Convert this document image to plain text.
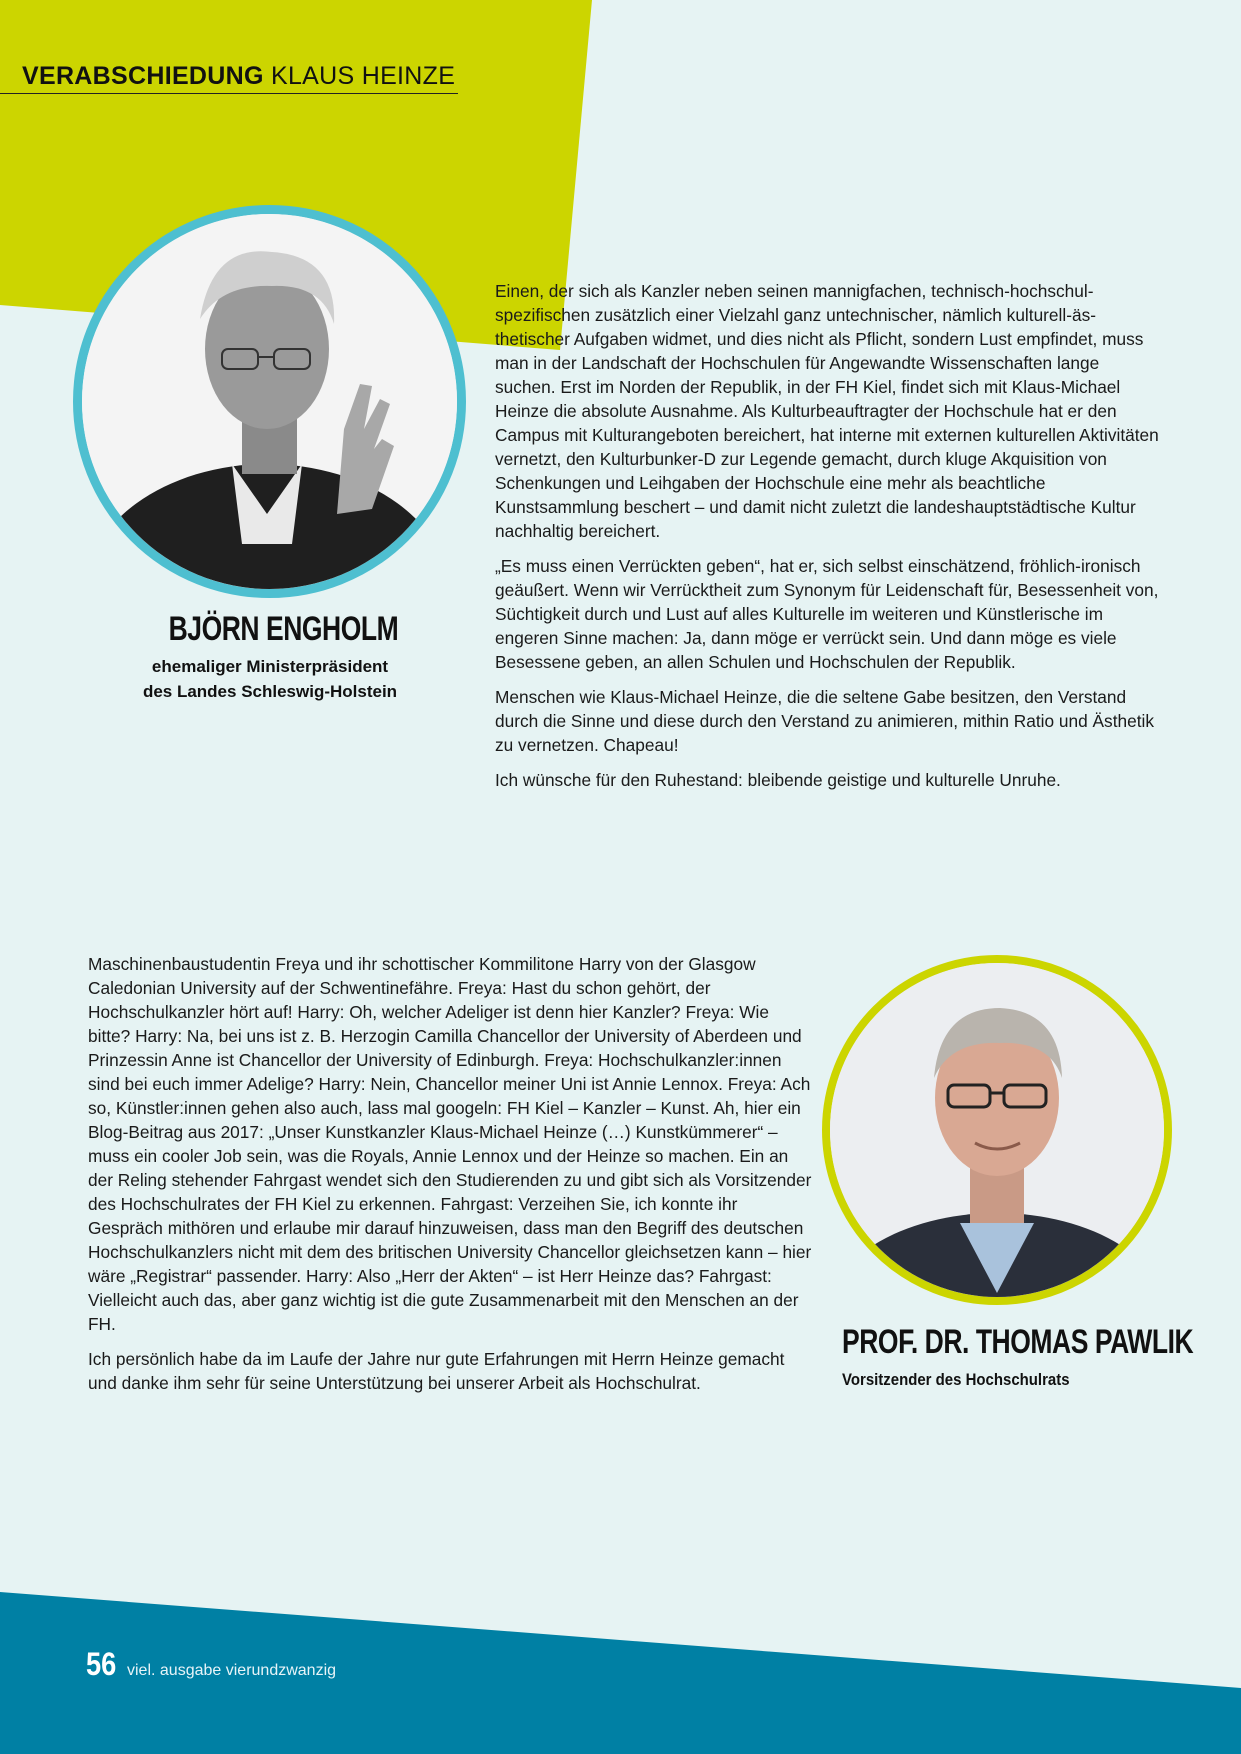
VERABSCHIEDUNG KLAUS HEINZE
BJÖRN ENGHOLM
ehemaliger Ministerpräsident
des Landes Schleswig-Holstein

Einen, der sich als Kanzler neben seinen mannigfachen, technisch-hochschulspezifischen zusätzlich einer Vielzahl ganz untechnischer, nämlich kulturell-ästhetischer Aufgaben widmet, und dies nicht als Pflicht, sondern Lust empfindet, muss man in der Landschaft der Hochschulen für Angewandte Wissenschaften lange suchen. Erst im Norden der Republik, in der FH Kiel, findet sich mit Klaus-Michael Heinze die absolute Ausnahme. Als Kulturbeauftragter der Hochschule hat er den Campus mit Kulturangeboten bereichert, hat interne mit externen kulturellen Aktivitäten vernetzt, den Kulturbunker-D zur Legende gemacht, durch kluge Akquisition von Schenkungen und Leihgaben der Hochschule eine mehr als beachtliche Kunstsammlung beschert – und damit nicht zuletzt die landeshauptstädtische Kultur nachhaltig bereichert.

„Es muss einen Verrückten geben“, hat er, sich selbst einschätzend, fröhlich-ironisch geäußert. Wenn wir Verrücktheit zum Synonym für Leidenschaft für, Besessenheit von, Süchtigkeit durch und Lust auf alles Kulturelle im weiteren und Künstlerische im engeren Sinne machen: Ja, dann möge er verrückt sein. Und dann möge es viele Besessene geben, an allen Schulen und Hochschulen der Republik.

Menschen wie Klaus-Michael Heinze, die die seltene Gabe besitzen, den Verstand durch die Sinne und diese durch den Verstand zu animieren, mithin Ratio und Ästhetik zu vernetzen. Chapeau!

Ich wünsche für den Ruhestand: bleibende geistige und kulturelle Unruhe.

Maschinenbaustudentin Freya und ihr schottischer Kommilitone Harry von der Glasgow Caledonian University auf der Schwentinefähre. Freya: Hast du schon gehört, der Hochschulkanzler hört auf! Harry: Oh, welcher Adeliger ist denn hier Kanzler? Freya: Wie bitte? Harry: Na, bei uns ist z. B. Herzogin Camilla Chancellor der University of Aberdeen und Prinzessin Anne ist Chancellor der University of Edinburgh. Freya: Hochschulkanzler:innen sind bei euch immer Adelige? Harry: Nein, Chancellor meiner Uni ist Annie Lennox. Freya: Ach so, Künstler:innen gehen also auch, lass mal googeln: FH Kiel – Kanzler – Kunst. Ah, hier ein Blog-Beitrag aus 2017: „Unser Kunstkanzler Klaus-Michael Heinze (…) Kunstkümmerer“ – muss ein cooler Job sein, was die Royals, Annie Lennox und der Heinze so machen. Ein an der Reling stehender Fahrgast wendet sich den Studierenden zu und gibt sich als Vorsitzender des Hochschulrates der FH Kiel zu erkennen. Fahrgast: Verzeihen Sie, ich konnte ihr Gespräch mithören und erlaube mir darauf hinzuweisen, dass man den Begriff des deutschen Hochschulkanzlers nicht mit dem des britischen University Chancellor gleichsetzen kann – hier wäre „Registrar“ passender. Harry: Also „Herr der Akten“ – ist Herr Heinze das? Fahrgast: Vielleicht auch das, aber ganz wichtig ist die gute Zusammenarbeit mit den Menschen an der FH.

Ich persönlich habe da im Laufe der Jahre nur gute Erfahrungen mit Herrn Heinze gemacht und danke ihm sehr für seine Unterstützung bei unserer Arbeit als Hochschulrat.

PROF. DR. THOMAS PAWLIK
Vorsitzender des Hochschulrats
56 viel. ausgabe vierundzwanzig
